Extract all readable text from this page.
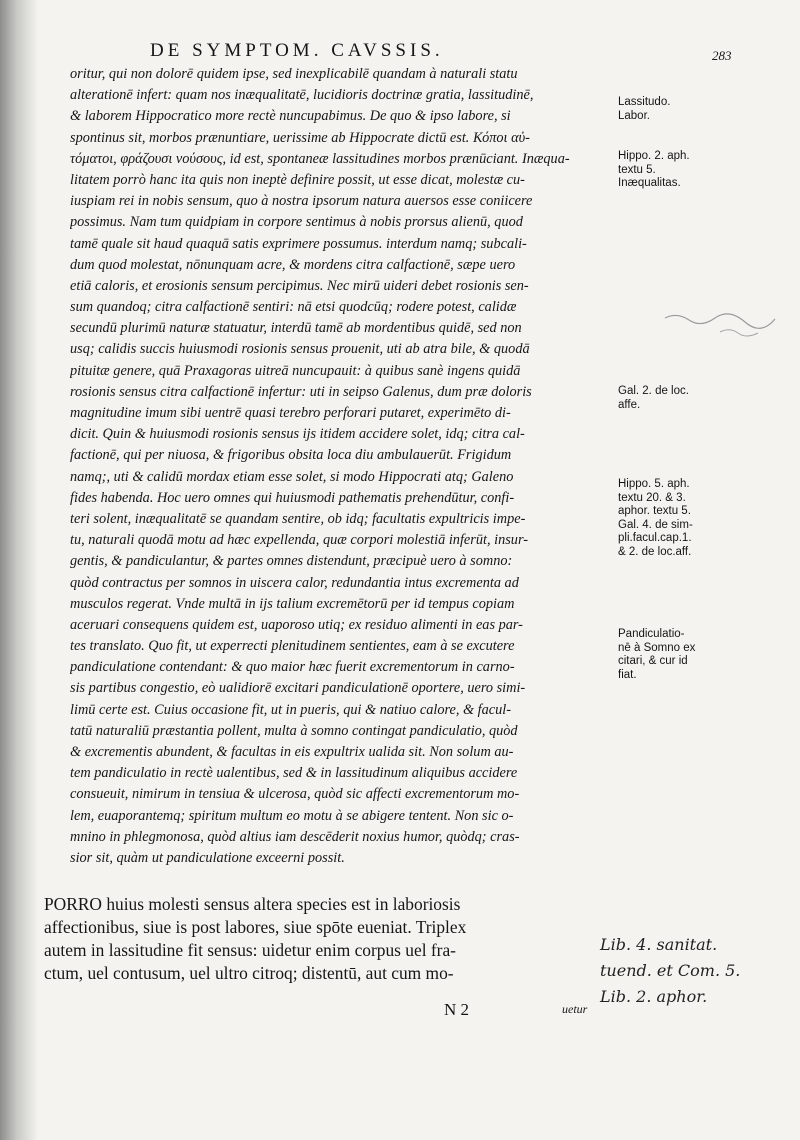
DE SYMPTOM. CAVSSIS.	283
oritur, qui non dolorē quidem ipse, sed inexplicabilē quandam à naturali statu
alterationē infert: quam nos inæqualitatē, lucidioris doctrinæ gratia, lassitudinē,
& laborem Hippocratico more rectè nuncupabimus. De quo & ipso labore, si
spontinus sit, morbos prænuntiare, uerissime ab Hippocrate dictū est. Κόποι αὐ-
τόματοι, φράζουσι νούσους, id est, spontaneæ lassitudines morbos prænūciant. Inæqua-
litatem porrò hanc ita quis non ineptè definire possit, ut esse dicat, molestæ cu-
iuspiam rei in nobis sensum, quo à nostra ipsorum natura auersos esse coniicere
possimus. Nam tum quidpiam in corpore sentimus à nobis prorsus alienū, quod
tamē quale sit haud quaquā satis exprimere possumus. interdum namq; subcali-
dum quod molestat, nōnunquam acre, & mordens citra calfactionē, sæpe uero
etiā caloris, et erosionis sensum percipimus. Nec mirū uideri debet rosionis sen-
sum quandoq; citra calfactionē sentiri: nā etsi quodcūq; rodere potest, calidæ
secundū plurimū naturæ statuatur, interdū tamē ab mordentibus quidē, sed non
usq; calidis succis huiusmodi rosionis sensus prouenit, uti ab atra bile, & quodā
pituitæ genere, quā Praxagoras uitreā nuncupauit: à quibus sanè ingens quidā
rosionis sensus citra calfactionē infertur: uti in seipso Galenus, dum præ doloris
magnitudine imum sibi uentrē quasi terebro perforari putaret, experimēto di-
dicit. Quin & huiusmodi rosionis sensus ijs itidem accidere solet, idq; citra cal-
factionē, qui per niuosa, & frigoribus obsita loca diu ambulauerūt. Frigidum
namq;, uti & calidū mordax etiam esse solet, si modo Hippocrati atq; Galeno
fides habenda. Hoc uero omnes qui huiusmodi pathematis prehendūtur, confi-
teri solent, inæqualitatē se quandam sentire, ob idq; facultatis expultricis impe-
tu, naturali quodā motu ad hæc expellenda, quæ corpori molestiā inferūt, insur-
gentis, & pandiculantur, & partes omnes distendunt, præcipuè uero à somno:
quòd contractus per somnos in uiscera calor, redundantia intus excrementa ad
musculos regerat. Vnde multā in ijs talium excremētorū per id tempus copiam
aceruari consequens quidem est, uaporoso utiq; ex residuo alimenti in eas par-
tes translato. Quo fit, ut experrecti plenitudinem sentientes, eam à se excutere
pandiculatione contendant: & quo maior hæc fuerit excrementorum in carno-
sis partibus congestio, eò ualidiorē excitari pandiculationē oportere, uero simi-
limū certe est. Cuius occasione fit, ut in pueris, qui & natiuo calore, & facul-
tatū naturaliū præstantia pollent, multa à somno contingat pandiculatio, quòd
& excrementis abundent, & facultas in eis expultrix ualida sit. Non solum au-
tem pandiculatio in rectè ualentibus, sed & in lassitudinum aliquibus accidere
consueuit, nimirum in tensiua & ulcerosa, quòd sic affecti excrementorum mo-
lem, euaporantemq; spiritum multum eo motu à se abigere tentent. Non sic o-
mnino in phlegmonosa, quòd altius iam descēderit noxius humor, quòdq; cras-
sior sit, quàm ut pandiculatione exceerni possit.
PORRO huius molesti sensus altera species est in laboriosis
affectionibus, siue is post labores, siue spōte eueniat. Triplex
autem in lassitudine fit sensus: uidetur enim corpus uel fra-
ctum, uel contusum, uel ultro citroq; distentū, aut cum mo-
N 2	uetur
Lassitudo.
Labor.
Hippo. 2. aph.
textu 5.
Inæqualitas.
Gal. 2. de loc.
affe.
Hippo. 5. aph.
textu 20. & 3.
aphor. textu 5.
Gal. 4. de sim-
pli.facul.cap.1.
& 2. de loc.aff.
Pandiculatio-
nē à Somno ex
citari, & cur id
fiat.
Lib. 4. sanitat.
tuend. et Com. 5.
Lib. 2. aphor.
